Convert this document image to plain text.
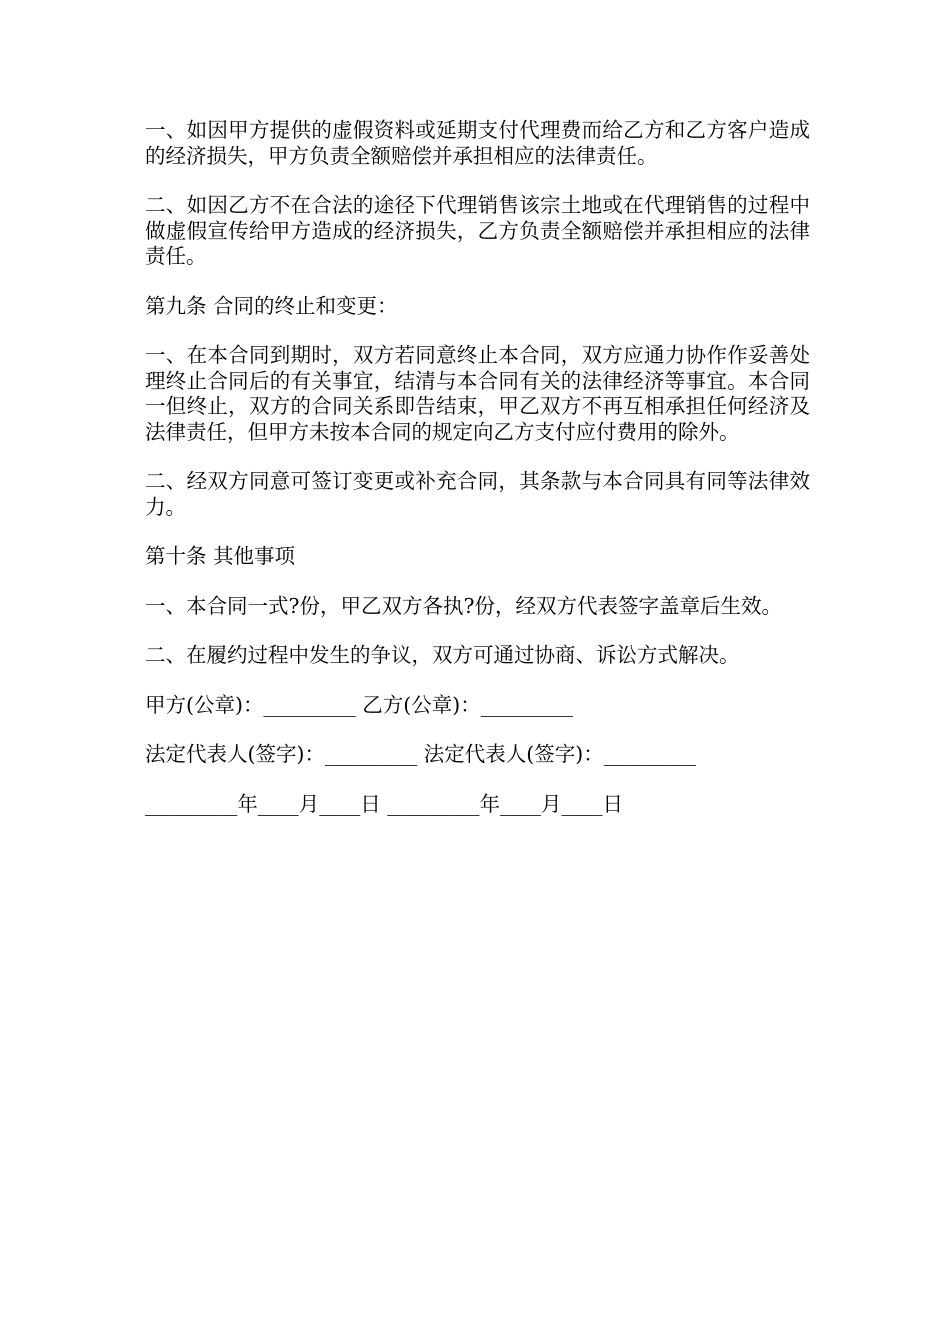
一、如因甲方提供的虚假资料或延期支付代理费而给乙方和乙方客户造成的经济损失，甲方负责全额赔偿并承担相应的法律责任。

二、如因乙方不在合法的途径下代理销售该宗土地或在代理销售的过程中做虚假宣传给甲方造成的经济损失，乙方负责全额赔偿并承担相应的法律责任。

第九条 合同的终止和变更：

一、在本合同到期时，双方若同意终止本合同，双方应通力协作作妥善处理终止合同后的有关事宜，结清与本合同有关的法律经济等事宜。本合同一但终止，双方的合同关系即告结束，甲乙双方不再互相承担任何经济及法律责任，但甲方未按本合同的规定向乙方支付应付费用的除外。

二、经双方同意可签订变更或补充合同，其条款与本合同具有同等法律效力。

第十条 其他事项

一、本合同一式?份，甲乙双方各执?份，经双方代表签字盖章后生效。

二、在履约过程中发生的争议，双方可通过协商、诉讼方式解决。

甲方(公章)：_________ 乙方(公章)：_________

法定代表人(签字)：_________ 法定代表人(签字)：_________

_________年____月____日 _________年____月____日
